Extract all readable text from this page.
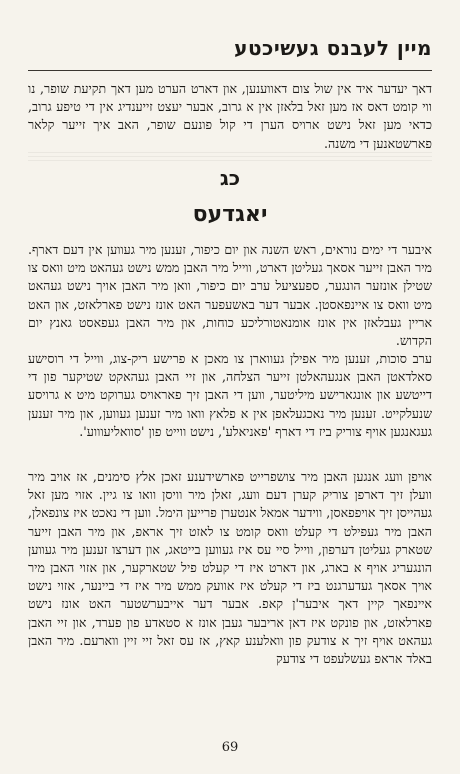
מיין לעבנס געשיכטע

דאך יעדער איד אין שול צום דאווענען, און דארט הערט מען דאך תקיעת שופר, נו ווי קומט דאס אז מען זאל בלאזן אין א גרוב, אבער יעצט זייענדיג אין די טיפע גרוב, כדאי מען זאל נישט ארויס הערן די קול פונעם שופר, האב איך זייער קלאר פארשטאנען די משנה.

כג
יאגדעס

איבער די ימים נוראים, ראש השנה און יום כיפור, זענען מיר געווען אין דעם דארף. מיר האבן זייער אסאך געליטן דארט, ווייל מיר האבן ממש נישט געהאט מיט וואס צו שטילן אונזער הונגער, ספעציעל ערב יום כיפור, וואן מיר האבן אויך נישט געהאט מיט וואס צו איינפאסטן. אבער דער באשעפער האט אונז נישט פארלאזט, און האט אריין געבלאזן אין אונז אומנאטורליכע כוחות, און מיר האבן געפאסט גאנץ יום הקדוש.

ערב סוכות, זענען מיר אפילן געווארן צו מאכן א פרישע ריק-צוג, ווייל די רוסישע סאלדאטן האבן אנגעהאלטן זייער הצלחה, און זיי האבן געהאקט שטיקער פון די דייטשע און אונגארישע מיליטער, ווען די האבן זיך פאראויס גערוקט מיט א גרויסע שנעלקייט. זענען מיר נאכגעלאפן אין א פלאץ וואו מיר זענען געווען, און מיר זענען געגאנגען אויף צוריק ביז די דארף 'פאניאלע', נישט ווייט פון 'סוואליעוווע'.

אויפן וועג אנגען האבן מיר צושפרייט פארשידענע זאכן אלץ סימנים, אז אויב מיר וועלן זיך דארפן צוריק קערן דעם וועג, זאלן מיר וויסן וואו צו גיין. אזוי מען זאל געהייסן זיך אויפפאסן, ווידער אמאל אנטערן פרייען הימל. ווען די נאכט איז צונפאלן, האבן מיר געפילט די קעלט וואס קומט צו לאזט זיך אראפ, און מיר האבן זייער שטארק געליטן דערפון, ווייל סיי עס איז געווען בייטאג, און דערצו זענען מיר געווען הונגעריג אויף א בארג, און דארט איז די קעלט פיל שטארקער, און אזוי האבן מיר אויך אסאך געדערגנט ביז די קעלט איז אוועק ממש מיר איז די ביינער, אזוי נישט איינפאך קיין דאך איבער'ן קאפ. אבער דער אייבערשטער האט אונז נישט פארלאזט, און פונקט איז דאן אריבער געבן אונז א סטאדע פון פערד, און זיי האבן געהאט אויף זיך א צודעק פון וואלענע קאץ, אז עס זאל זיי זיין ווארעם. מיר האבן באלד אראפ געשלעפט די צודעק

69
